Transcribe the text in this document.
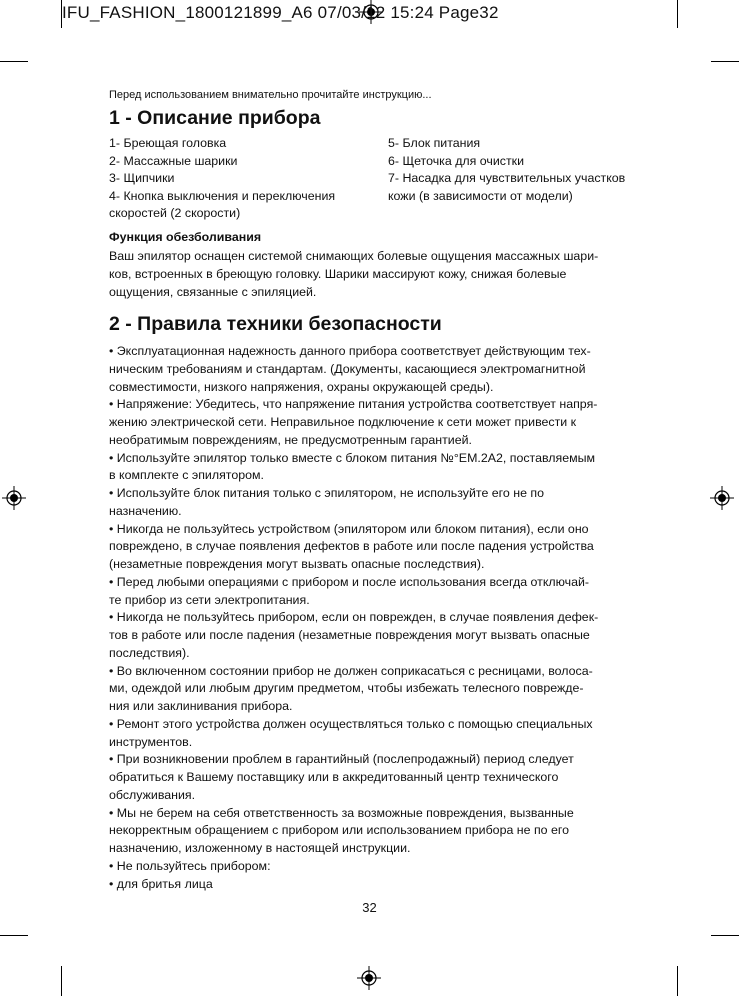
IFU_FASHION_1800121899_A6 07/03/12 15:24 Page32
Перед использованием внимательно прочитайте инструкцию...
1 - Описание прибора
1- Бреющая головка
2- Массажные шарики
3- Щипчики
4- Кнопка выключения и переключения
скоростей (2 скорости)
5- Блок питания
6- Щеточка для очистки
7- Насадка для чувствительных участков
кожи (в зависимости от модели)
Функция обезболивания
Ваш эпилятор оснащен системой снимающих болевые ощущения массажных шари-
ков, встроенных в бреющую головку. Шарики массируют кожу, снижая болевые
ощущения, связанные с эпиляцией.
2 - Правила техники безопасности
• Эксплуатационная надежность данного прибора соответствует действующим тех-
ническим требованиям и стандартам. (Документы, касающиеся электромагнитной
совместимости, низкого напряжения, охраны окружающей среды).
• Напряжение: Убедитесь, что напряжение питания устройства соответствует напря-
жению электрической сети. Неправильное подключение к сети может привести к
необратимым повреждениям, не предусмотренным гарантией.
• Используйте эпилятор только вместе с блоком питания №°EM.2A2, поставляемым
в комплекте с эпилятором.
• Используйте блок питания только с эпилятором, не используйте его не по
назначению.
• Никогда не пользуйтесь устройством (эпилятором или блоком питания), если оно
повреждено, в случае появления дефектов в работе или после падения устройства
(незаметные повреждения могут вызвать опасные последствия).
• Перед любыми операциями с прибором и после использования всегда отключай-
те прибор из сети электропитания.
• Никогда не пользуйтесь прибором, если он поврежден, в случае появления дефек-
тов в работе или после падения (незаметные повреждения могут вызвать опасные
последствия).
• Во включенном состоянии прибор не должен соприкасаться с ресницами, волоса-
ми, одеждой или любым другим предметом, чтобы избежать телесного поврежде-
ния или заклинивания прибора.
• Ремонт этого устройства должен осуществляться только с помощью специальных
инструментов.
• При возникновении проблем в гарантийный (послепродажный) период следует
обратиться к Вашему поставщику или в аккредитованный центр технического
обслуживания.
• Мы не берем на себя ответственность за возможные повреждения, вызванные
некорректным обращением с прибором или использованием прибора не по его
назначению, изложенному в настоящей инструкции.
• Не пользуйтесь прибором:
• для бритья лица
32
